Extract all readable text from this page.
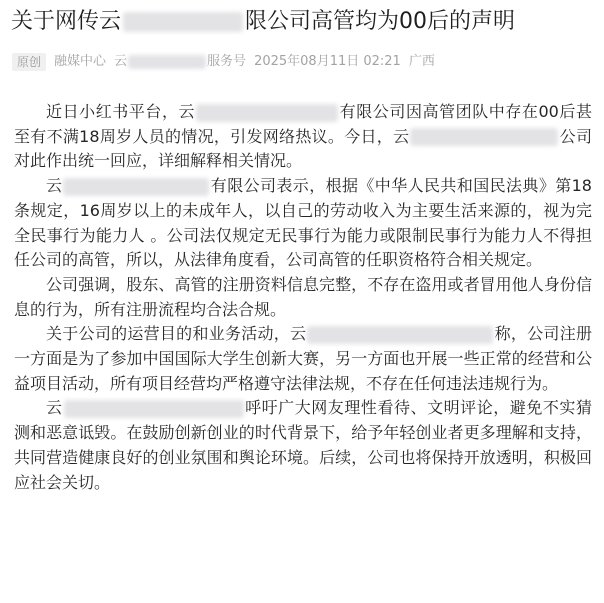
关于网传云	限公司高管均为00后的声明
原创 融媒中心 云	服务号 2025年08月11日 02:21 广西

近日小红书平台，云	有限公司因高管团队中存在00后甚至有不满18周岁人员的情况，引发网络热议。今日，云	公司对此作出统一回应，详细解释相关情况。

云	有限公司表示，根据《中华人民共和国民法典》第18条规定，16周岁以上的未成年人，以自己的劳动收入为主要生活来源的，视为完全民事行为能力人 。公司法仅规定无民事行为能力或限制民事行为能力人不得担任公司的高管，所以，从法律角度看，公司高管的任职资格符合相关规定。

公司强调，股东、高管的注册资料信息完整，不存在盗用或者冒用他人身份信息的行为，所有注册流程均合法合规。

关于公司的运营目的和业务活动，云	称，公司注册一方面是为了参加中国国际大学生创新大赛，另一方面也开展一些正常的经营和公益项目活动，所有项目经营均严格遵守法律法规，不存在任何违法违规行为。

云	呼吁广大网友理性看待、文明评论，避免不实猜测和恶意诋毁。在鼓励创新创业的时代背景下，给予年轻创业者更多理解和支持，共同营造健康良好的创业氛围和舆论环境。后续，公司也将保持开放透明，积极回应社会关切。
